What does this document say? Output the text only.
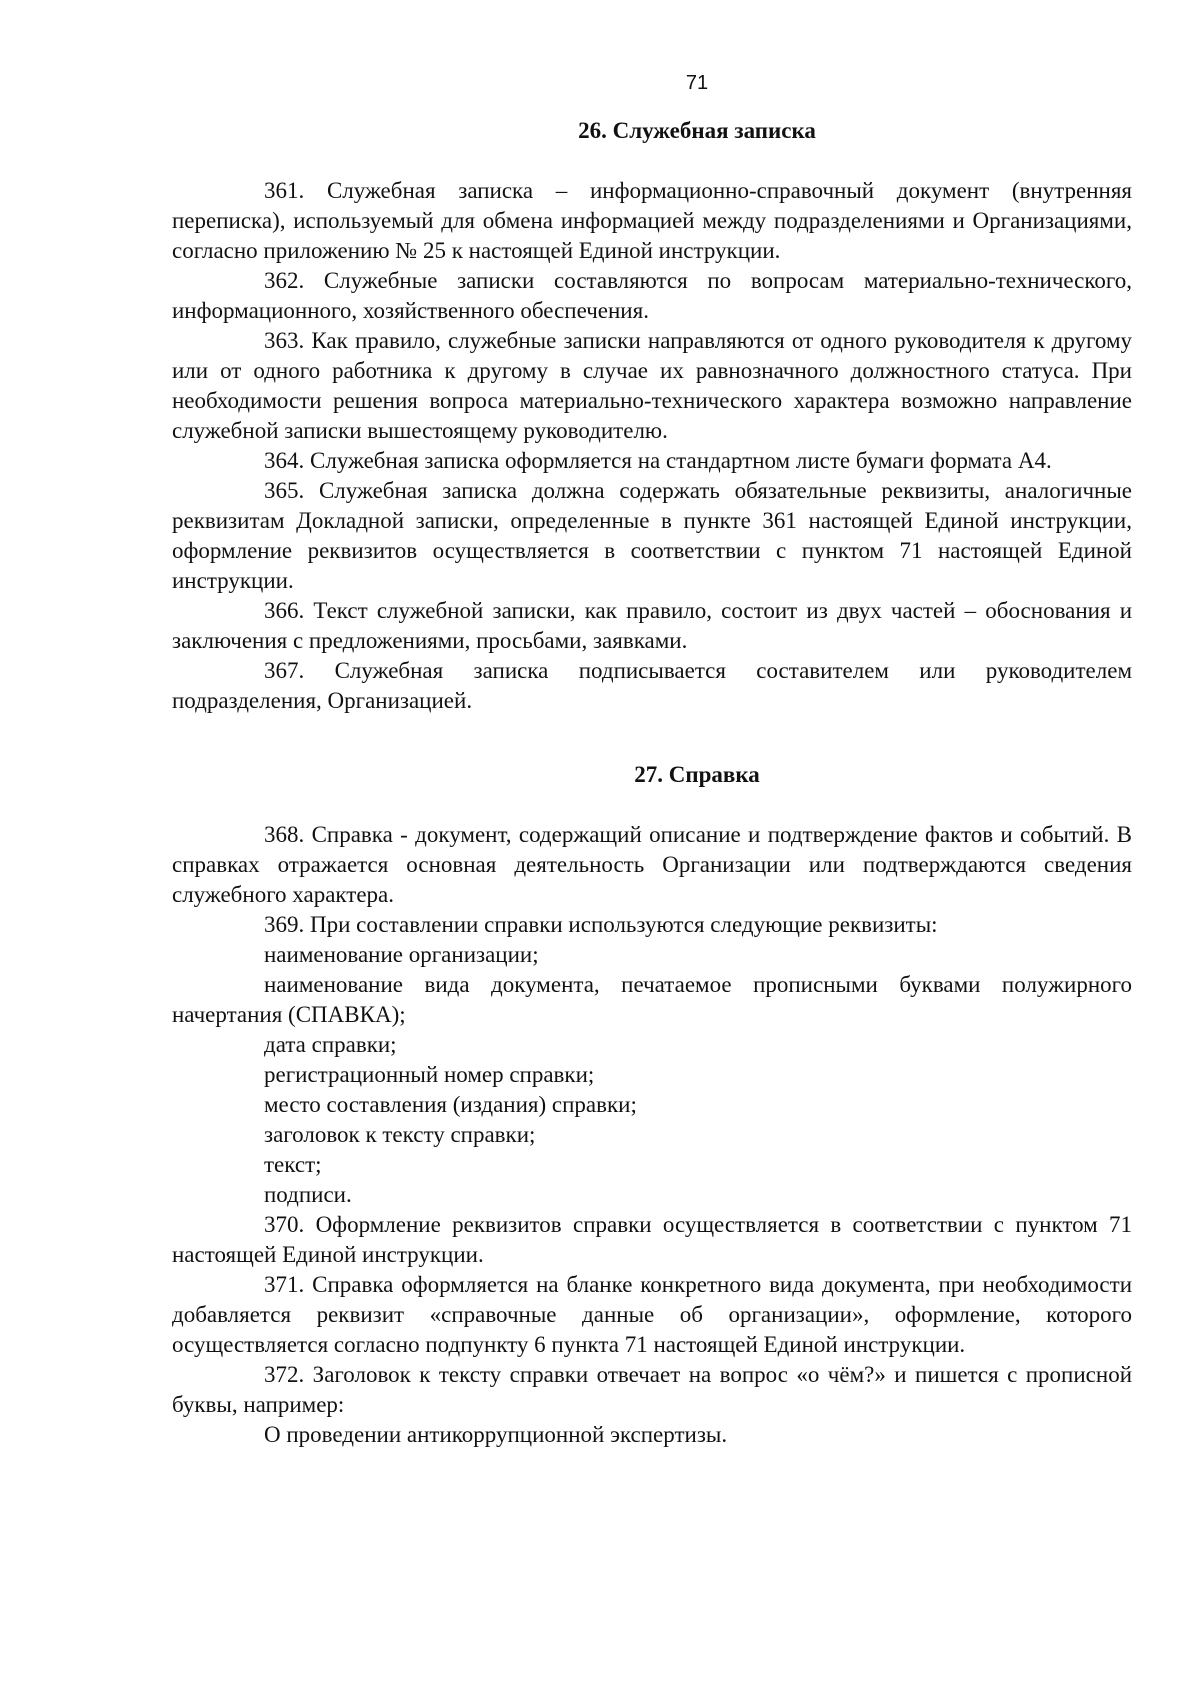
71
26. Служебная записка

361. Служебная записка – информационно-справочный документ (внутренняя переписка), используемый для обмена информацией между подразделениями и Организациями, согласно приложению № 25 к настоящей Единой инструкции.

362. Служебные записки составляются по вопросам материально-технического, информационного, хозяйственного обеспечения.

363. Как правило, служебные записки направляются от одного руководителя к другому или от одного работника к другому в случае их равнозначного должностного статуса. При необходимости решения вопроса материально-технического характера возможно направление служебной записки вышестоящему руководителю.

364. Служебная записка оформляется на стандартном листе бумаги формата А4.

365. Служебная записка должна содержать обязательные реквизиты, аналогичные реквизитам Докладной записки, определенные в пункте 361 настоящей Единой инструкции, оформление реквизитов осуществляется в соответствии с пунктом 71 настоящей Единой инструкции.

366. Текст служебной записки, как правило, состоит из двух частей – обоснования и заключения с предложениями, просьбами, заявками.

367. Служебная записка подписывается составителем или руководителем подразделения, Организацией.

27. Справка

368. Справка - документ, содержащий описание и подтверждение фактов и событий. В справках отражается основная деятельность Организации или подтверждаются сведения служебного характера.

369. При составлении справки используются следующие реквизиты:

наименование организации;

наименование вида документа, печатаемое прописными буквами полужирного начертания (СПАВКА);

дата справки;

регистрационный номер справки;

место составления (издания) справки;

заголовок к тексту справки;

текст;

подписи.

370. Оформление реквизитов справки осуществляется в соответствии с пунктом 71 настоящей Единой инструкции.

371. Справка оформляется на бланке конкретного вида документа, при необходимости добавляется реквизит «справочные данные об организации», оформление, которого осуществляется согласно подпункту 6 пункта 71 настоящей Единой инструкции.

372. Заголовок к тексту справки отвечает на вопрос «о чём?» и пишется с прописной буквы, например:

О проведении антикоррупционной экспертизы.
